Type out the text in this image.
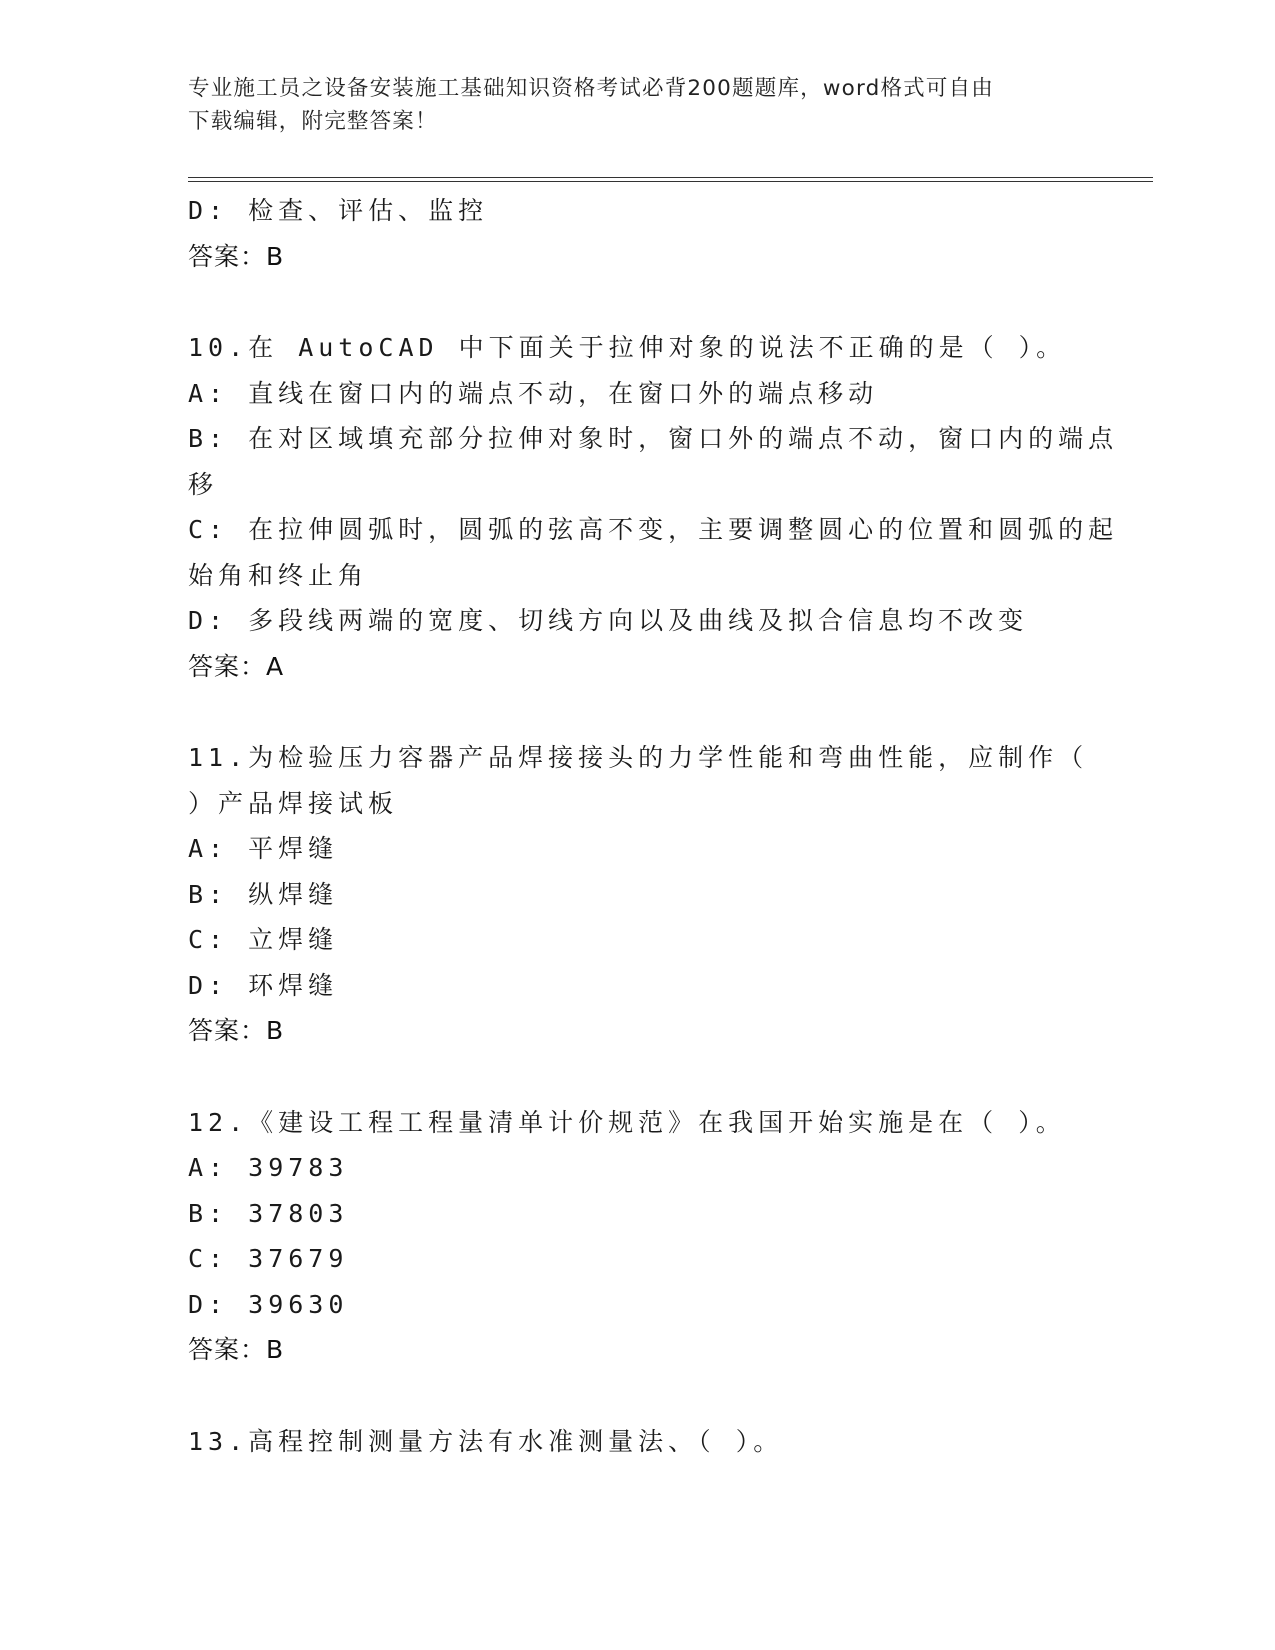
专业施工员之设备安装施工基础知识资格考试必背200题题库，word格式可自由
下载编辑，附完整答案！
D: 检查、评估、监控
答案：B
10.在 AutoCAD 中下面关于拉伸对象的说法不正确的是（ ）。
A: 直线在窗口内的端点不动，在窗口外的端点移动
B: 在对区域填充部分拉伸对象时，窗口外的端点不动，窗口内的端点
移
C: 在拉伸圆弧时，圆弧的弦高不变，主要调整圆心的位置和圆弧的起
始角和终止角
D: 多段线两端的宽度、切线方向以及曲线及拟合信息均不改变
答案：A
11.为检验压力容器产品焊接接头的力学性能和弯曲性能，应制作（
）产品焊接试板
A: 平焊缝
B: 纵焊缝
C: 立焊缝
D: 环焊缝
答案：B
12.《建设工程工程量清单计价规范》在我国开始实施是在（ ）。
A: 39783
B: 37803
C: 37679
D: 39630
答案：B
13.高程控制测量方法有水准测量法、（ ）。
